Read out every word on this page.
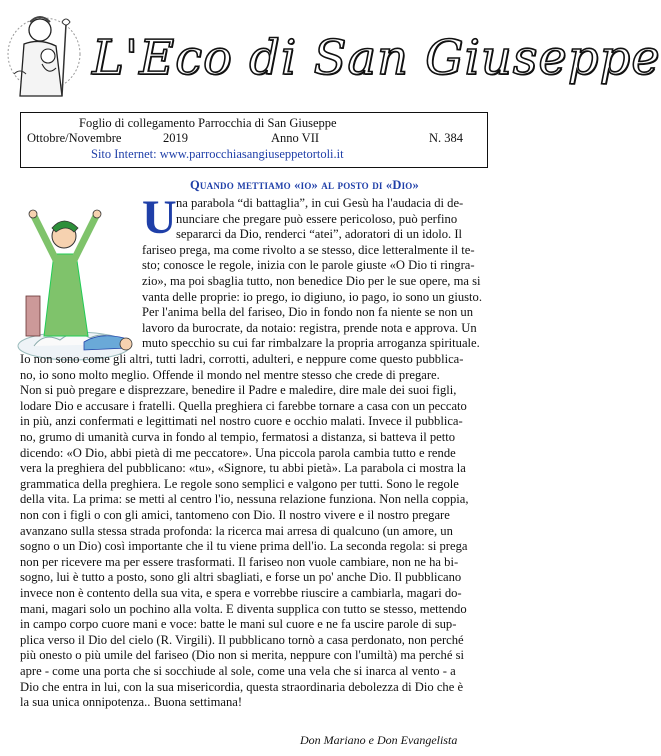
L'Eco di San Giuseppe
Foglio di collegamento Parrocchia di San Giuseppe
Ottobre/Novembre	2019	Anno VII	N. 384
Sito Internet: www.parrocchiasangiuseppetortoli.it
Quando mettiamo «io» al posto di «Dio»
U na parabola “di battaglia”, in cui Gesù ha l'audacia di de-
nunciare che pregare può essere pericoloso, può perfino
separarci da Dio, renderci “atei”, adoratori di un idolo. Il
fariseo prega, ma come rivolto a se stesso, dice letteralmente il te-
sto; conosce le regole, inizia con le parole giuste «O Dio ti ringra-
zio», ma poi sbaglia tutto, non benedice Dio per le sue opere, ma si
vanta delle proprie: io prego, io digiuno, io pago, io sono un giusto.
Per l'anima bella del fariseo, Dio in fondo non fa niente se non un
lavoro da burocrate, da notaio: registra, prende nota e approva. Un
muto specchio su cui far rimbalzare la propria arroganza spirituale.
Io non sono come gli altri, tutti ladri, corrotti, adulteri, e neppure come questo pubblica-
no, io sono molto meglio. Offende il mondo nel mentre stesso che crede di pregare.
Non si può pregare e disprezzare, benedire il Padre e maledire, dire male dei suoi figli,
lodare Dio e accusare i fratelli. Quella preghiera ci farebbe tornare a casa con un peccato
in più, anzi confermati e legittimati nel nostro cuore e occhio malati. Invece il pubblica-
no, grumo di umanità curva in fondo al tempio, fermatosi a distanza, si batteva il petto
dicendo: «O Dio, abbi pietà di me peccatore». Una piccola parola cambia tutto e rende
vera la preghiera del pubblicano: «tu», «Signore, tu abbi pietà». La parabola ci mostra la
grammatica della preghiera. Le regole sono semplici e valgono per tutti. Sono le regole
della vita. La prima: se metti al centro l'io, nessuna relazione funziona. Non nella coppia,
non con i figli o con gli amici, tantomeno con Dio. Il nostro vivere e il nostro pregare
avanzano sulla stessa strada profonda: la ricerca mai arresa di qualcuno (un amore, un
sogno o un Dio) così importante che il tu viene prima dell'io. La seconda regola: si prega
non per ricevere ma per essere trasformati. Il fariseo non vuole cambiare, non ne ha bi-
sogno, lui è tutto a posto, sono gli altri sbagliati, e forse un po' anche Dio. Il pubblicano
invece non è contento della sua vita, e spera e vorrebbe riuscire a cambiarla, magari do-
mani, magari solo un pochino alla volta. E diventa supplica con tutto se stesso, mettendo
in campo corpo cuore mani e voce: batte le mani sul cuore e ne fa uscire parole di sup-
plica verso il Dio del cielo (R. Virgili). Il pubblicano tornò a casa perdonato, non perché
più onesto o più umile del fariseo (Dio non si merita, neppure con l'umiltà) ma perché si
apre - come una porta che si socchiude al sole, come una vela che si inarca al vento - a
Dio che entra in lui, con la sua misericordia, questa straordinaria debolezza di Dio che è
la sua unica onnipotenza.. Buona settimana!
Don Mariano e Don Evangelista
